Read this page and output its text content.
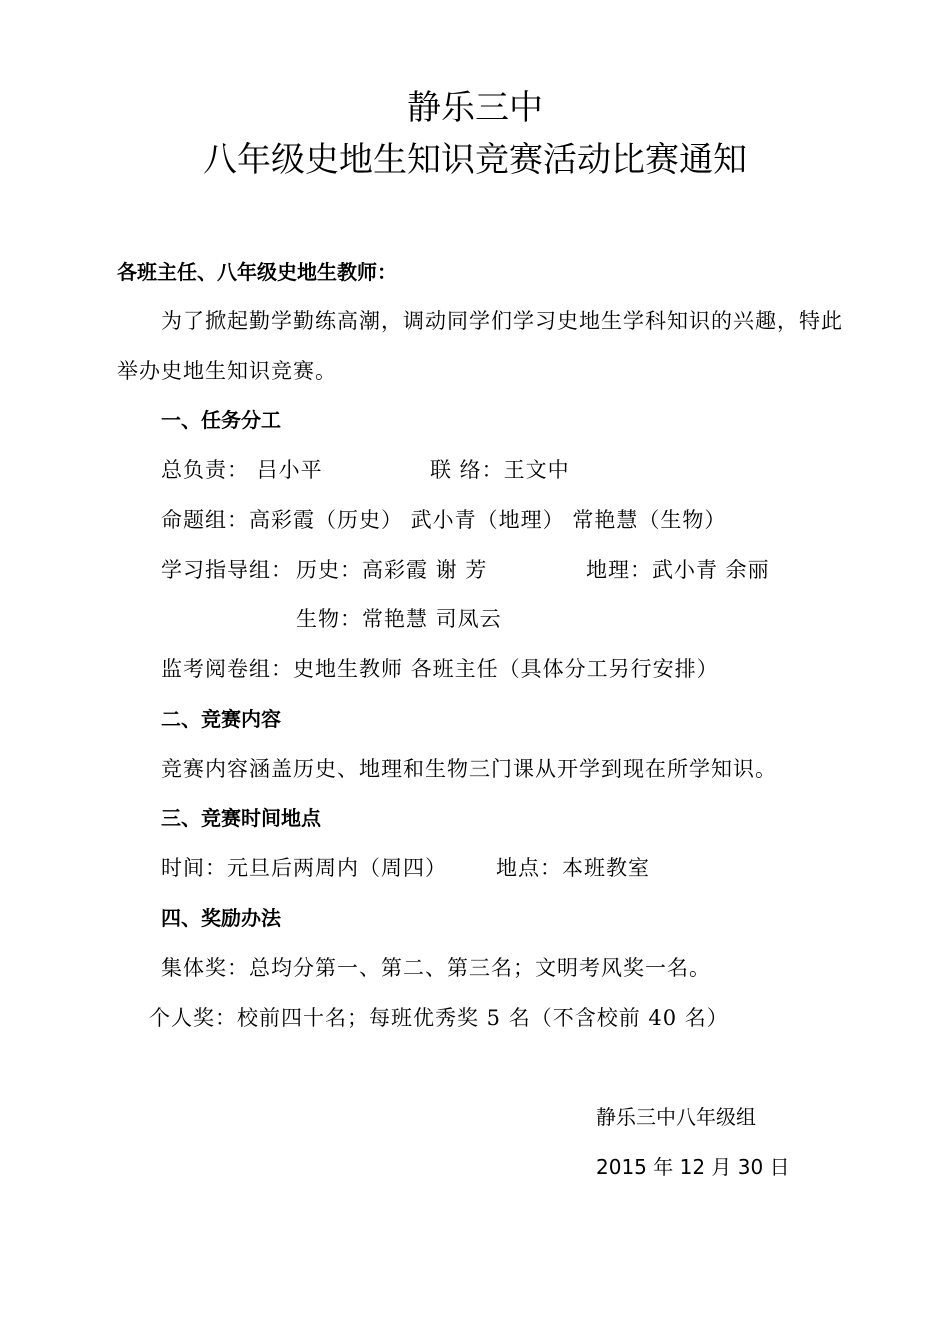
静乐三中
八年级史地生知识竞赛活动比赛通知
各班主任、八年级史地生教师：
为了掀起勤学勤练高潮，调动同学们学习史地生学科知识的兴趣，特此
举办史地生知识竞赛。
一、任务分工
总负责： 吕小平	联 络：王文中
命题组：高彩霞（历史） 武小青（地理） 常艳慧（生物）
学习指导组： 历史：高彩霞 谢 芳	地理：武小青 余丽
生物：常艳慧 司凤云
监考阅卷组：史地生教师 各班主任（具体分工另行安排）
二、竞赛内容
竞赛内容涵盖历史、地理和生物三门课从开学到现在所学知识。
三、竞赛时间地点
时间：元旦后两周内（周四） 地点：本班教室
四、奖励办法
集体奖：总均分第一、第二、第三名；文明考风奖一名。
个人奖：校前四十名；每班优秀奖 5 名（不含校前 40 名）
静乐三中八年级组
2015 年 12 月 30 日
